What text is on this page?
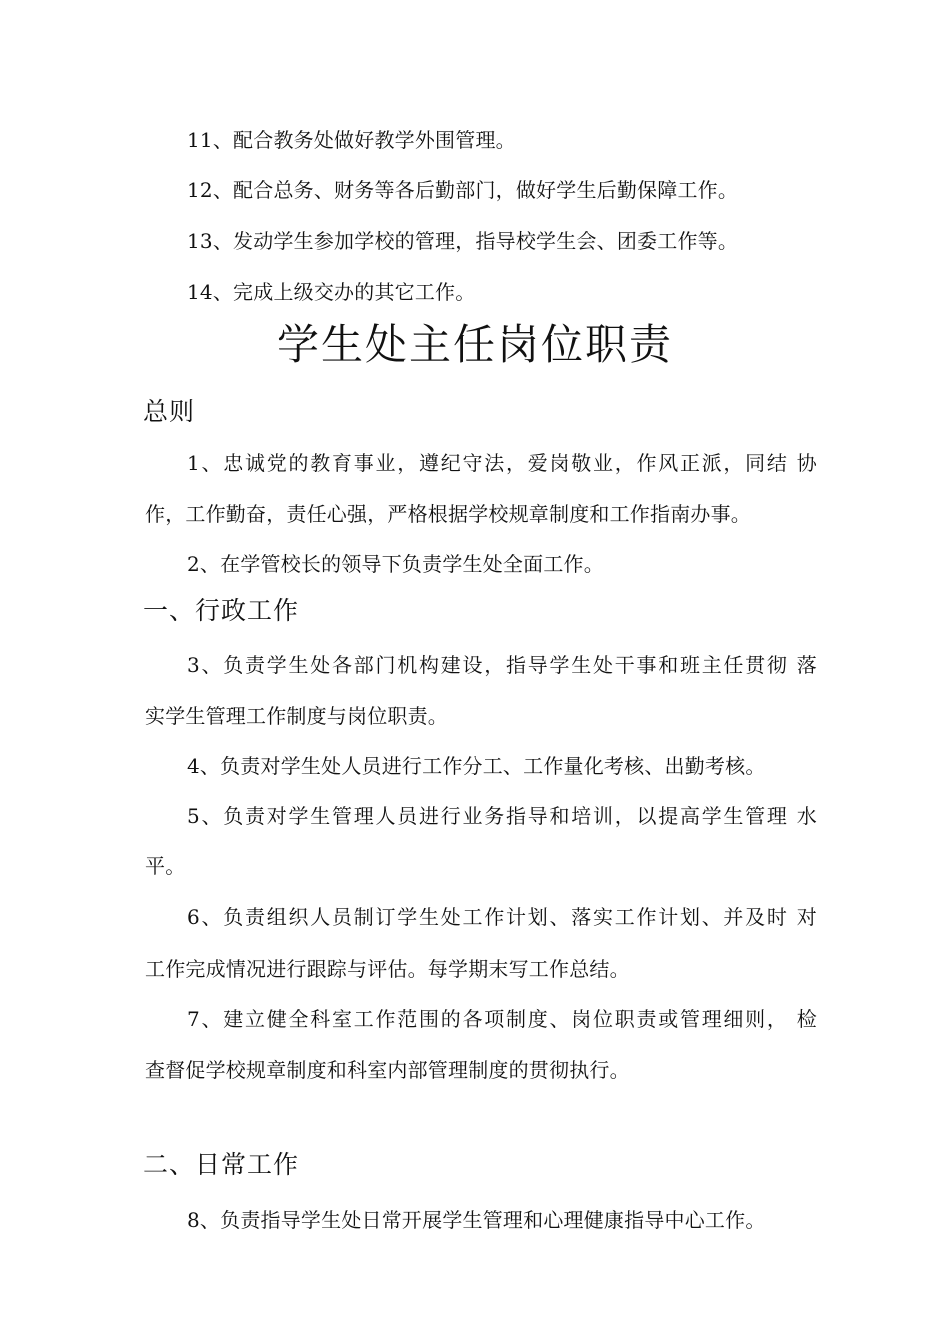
11、配合教务处做好教学外围管理。
12、配合总务、财务等各后勤部门，做好学生后勤保障工作。
13、发动学生参加学校的管理，指导校学生会、团委工作等。
14、完成上级交办的其它工作。
学生处主任岗位职责
总则
1、忠诚党的教育事业，遵纪守法，爱岗敬业，作风正派，同结 协
作，工作勤奋，责任心强，严格根据学校规章制度和工作指南办事。
2、在学管校长的领导下负责学生处全面工作。
一、行政工作
3、负责学生处各部门机构建设，指导学生处干事和班主任贯彻 落
实学生管理工作制度与岗位职责。
4、负责对学生处人员进行工作分工、工作量化考核、出勤考核。
5、负责对学生管理人员进行业务指导和培训，以提高学生管理 水
平。
6、负责组织人员制订学生处工作计划、落实工作计划、并及时 对
工作完成情况进行跟踪与评估。每学期末写工作总结。
7、建立健全科室工作范围的各项制度、岗位职责或管理细则， 检
查督促学校规章制度和科室内部管理制度的贯彻执行。
二、日常工作
8、负责指导学生处日常开展学生管理和心理健康指导中心工作。
